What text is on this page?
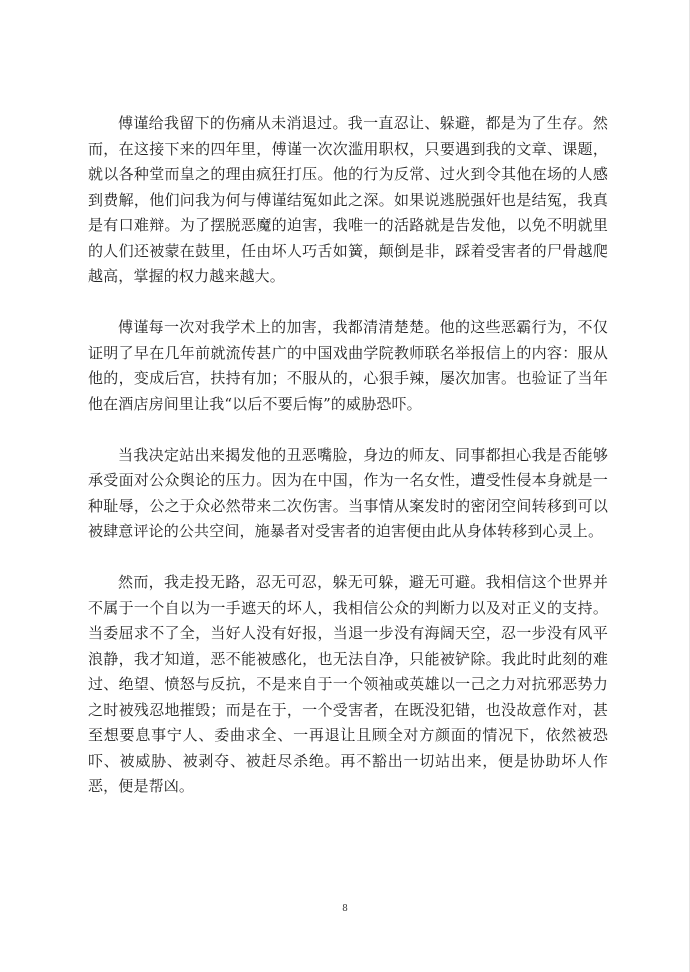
傅谨给我留下的伤痛从未消退过。我一直忍让、躲避，都是为了生存。然而，在这接下来的四年里，傅谨一次次滥用职权，只要遇到我的文章、课题，就以各种堂而皇之的理由疯狂打压。他的行为反常、过火到令其他在场的人感到费解，他们问我为何与傅谨结冤如此之深。如果说逃脱强奸也是结冤，我真是有口难辩。为了摆脱恶魔的迫害，我唯一的活路就是告发他，以免不明就里的人们还被蒙在鼓里，任由坏人巧舌如簧，颠倒是非，踩着受害者的尸骨越爬越高，掌握的权力越来越大。

傅谨每一次对我学术上的加害，我都清清楚楚。他的这些恶霸行为，不仅证明了早在几年前就流传甚广的中国戏曲学院教师联名举报信上的内容：服从他的，变成后宫，扶持有加；不服从的，心狠手辣，屡次加害。也验证了当年他在酒店房间里让我“以后不要后悔”的威胁恐吓。

当我决定站出来揭发他的丑恶嘴脸，身边的师友、同事都担心我是否能够承受面对公众舆论的压力。因为在中国，作为一名女性，遭受性侵本身就是一种耻辱，公之于众必然带来二次伤害。当事情从案发时的密闭空间转移到可以被肆意评论的公共空间，施暴者对受害者的迫害便由此从身体转移到心灵上。

然而，我走投无路，忍无可忍，躲无可躲，避无可避。我相信这个世界并不属于一个自以为一手遮天的坏人，我相信公众的判断力以及对正义的支持。当委屈求不了全，当好人没有好报，当退一步没有海阔天空，忍一步没有风平浪静，我才知道，恶不能被感化，也无法自净，只能被铲除。我此时此刻的难过、绝望、愤怒与反抗，不是来自于一个领袖或英雄以一己之力对抗邪恶势力之时被残忍地摧毁；而是在于，一个受害者，在既没犯错，也没故意作对，甚至想要息事宁人、委曲求全、一再退让且顾全对方颜面的情况下，依然被恐吓、被威胁、被剥夺、被赶尽杀绝。再不豁出一切站出来，便是协助坏人作恶，便是帮凶。

8
